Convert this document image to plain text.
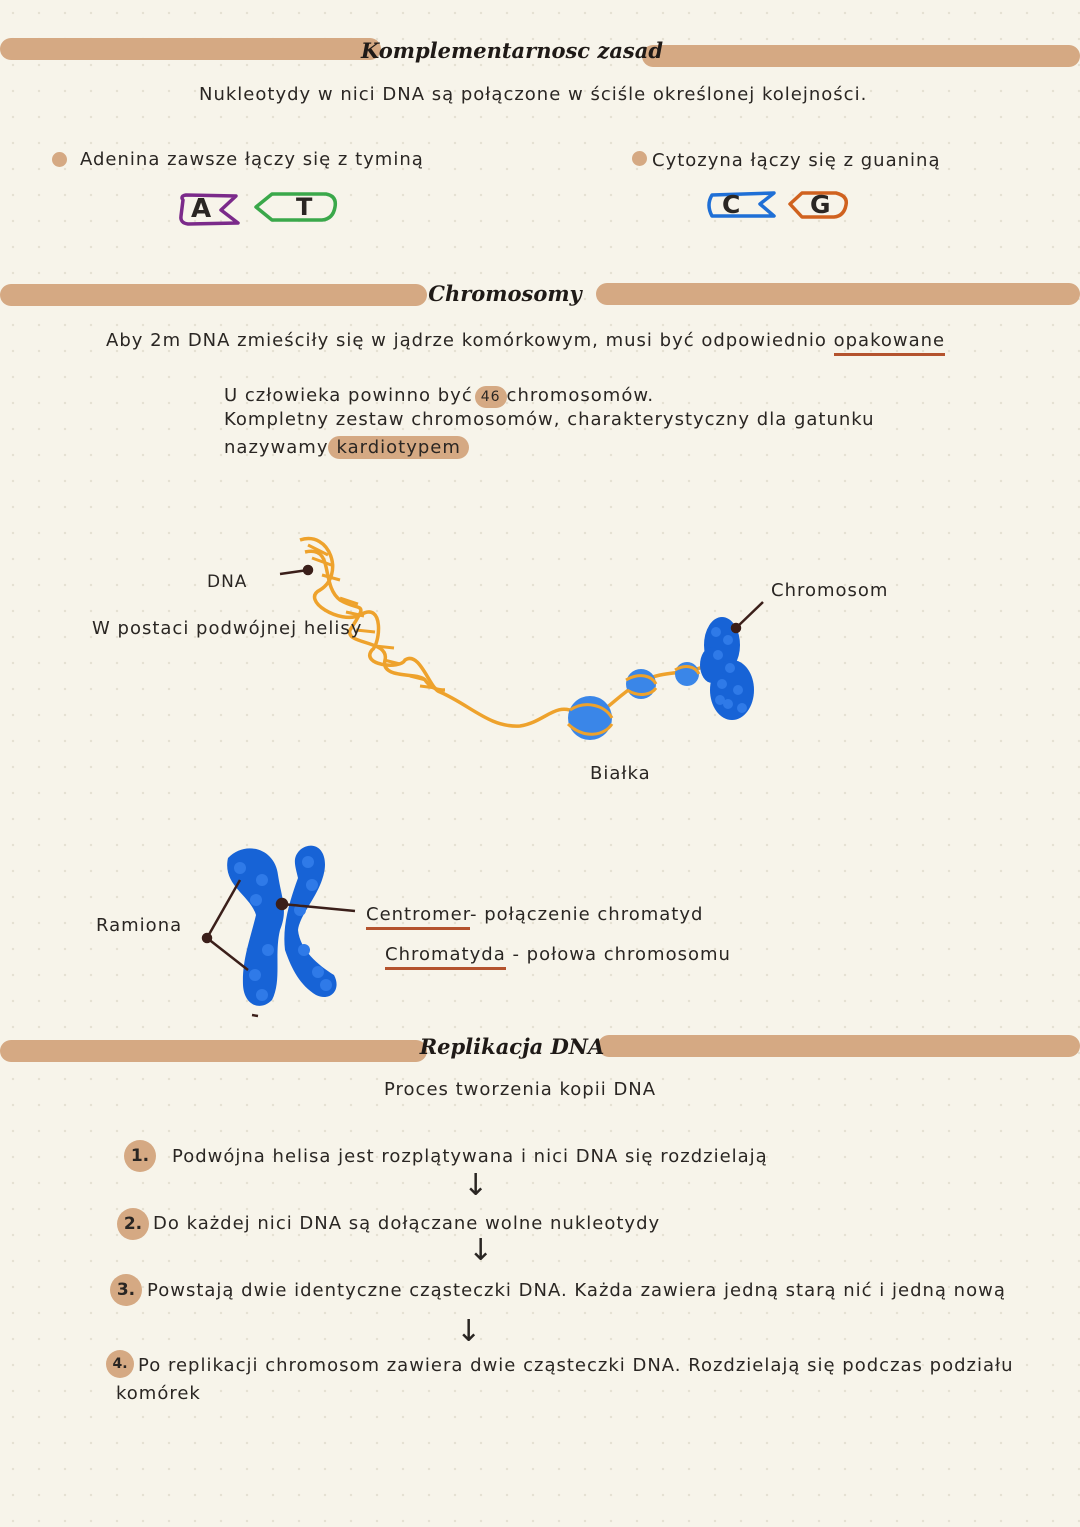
Komplementarnosc zasad
Nukleotydy w nici DNA są połączone w ściśle określonej kolejności.
Adenina zawsze łączy się z tyminą	Cytozyna łączy się z guaniną
A	T	C	G
Chromosomy
Aby 2m DNA zmieściły się w jądrze komórkowym, musi być odpowiednio opakowane
U człowieka powinno być 46 chromosomów.
Kompletny zestaw chromosomów, charakterystyczny dla gatunku
nazywamy kardiotypem
DNA
W postaci podwójnej helisy
Chromosom
Białka
Ramiona
Centromer- połączenie chromatyd
Chromatyda - połowa chromosomu
Replikacja DNA
Proces tworzenia kopii DNA
1.	Podwójna helisa jest rozplątywana i nici DNA się rozdzielają
↓
2. Do każdej nici DNA są dołączane wolne nukleotydy
↓
3. Powstają dwie identyczne cząsteczki DNA. Każda zawiera jedną starą nić i jedną nową
↓
4. Po replikacji chromosom zawiera dwie cząsteczki DNA. Rozdzielają się podczas podziału
komórek
